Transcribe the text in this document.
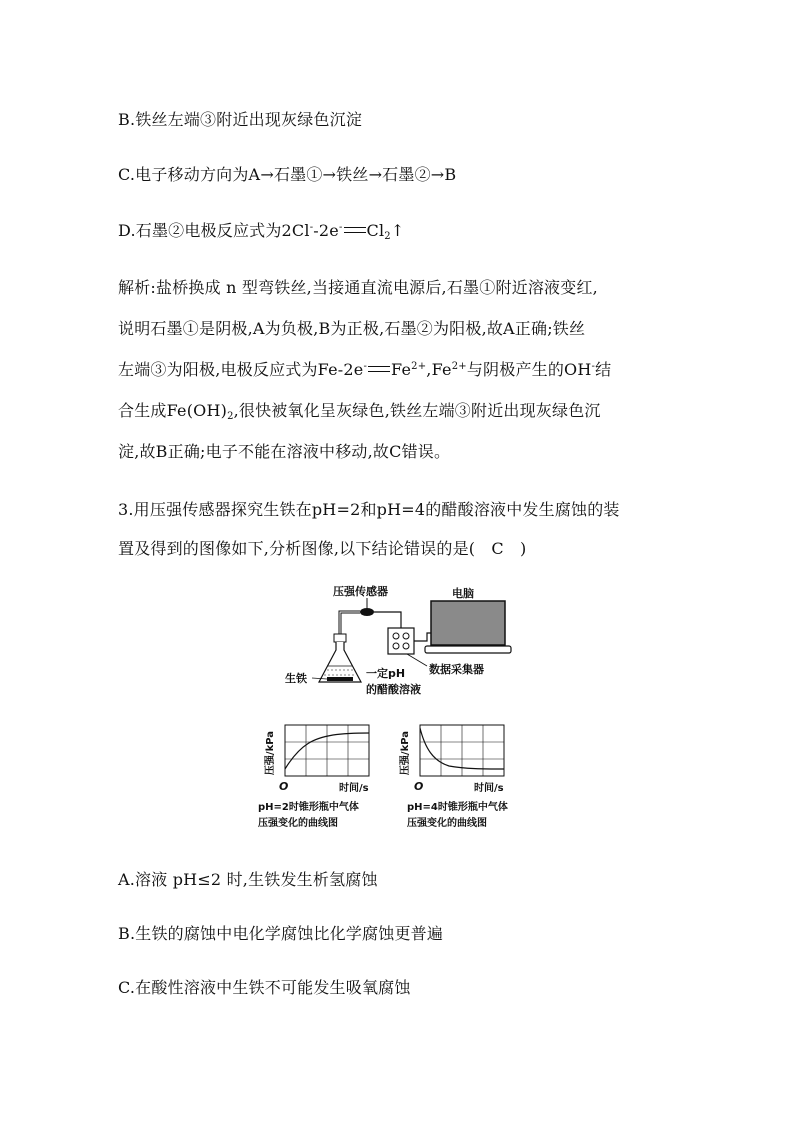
B.铁丝左端③附近出现灰绿色沉淀
C.电子移动方向为A→石墨①→铁丝→石墨②→B
D.石墨②电极反应式为2Cl--2e- $Cl_2↑$
解析:盐桥换成 n 型弯铁丝,当接通直流电源后,石墨①附近溶液变红,
说明石墨①是阴极,A为负极,B为正极,石墨②为阳极,故A正确;铁丝
左端③为阳极,电极反应式为Fe-2e- $Fe^{2+},Fe^{2+}$与阴极产生的OH-结
合生成$Fe(OH)_2$,很快被氧化呈灰绿色,铁丝左端③附近出现灰绿色沉
淀,故B正确;电子不能在溶液中移动,故C错误。
3.用压强传感器探究生铁在pH=2和pH=4的醋酸溶液中发生腐蚀的装
置及得到的图像如下,分析图像,以下结论错误的是(　C　)
压强传感器
生铁	一定pH
的醋酸溶液
数据采集器
电脑
压强/kPa
O	时间/s
pH=2时锥形瓶中气体
压强变化的曲线图
压强/kPa
O	时间/s
pH=4时锥形瓶中气体
压强变化的曲线图
A.溶液 pH≤2 时,生铁发生析氢腐蚀
B.生铁的腐蚀中电化学腐蚀比化学腐蚀更普遍
C.在酸性溶液中生铁不可能发生吸氧腐蚀
